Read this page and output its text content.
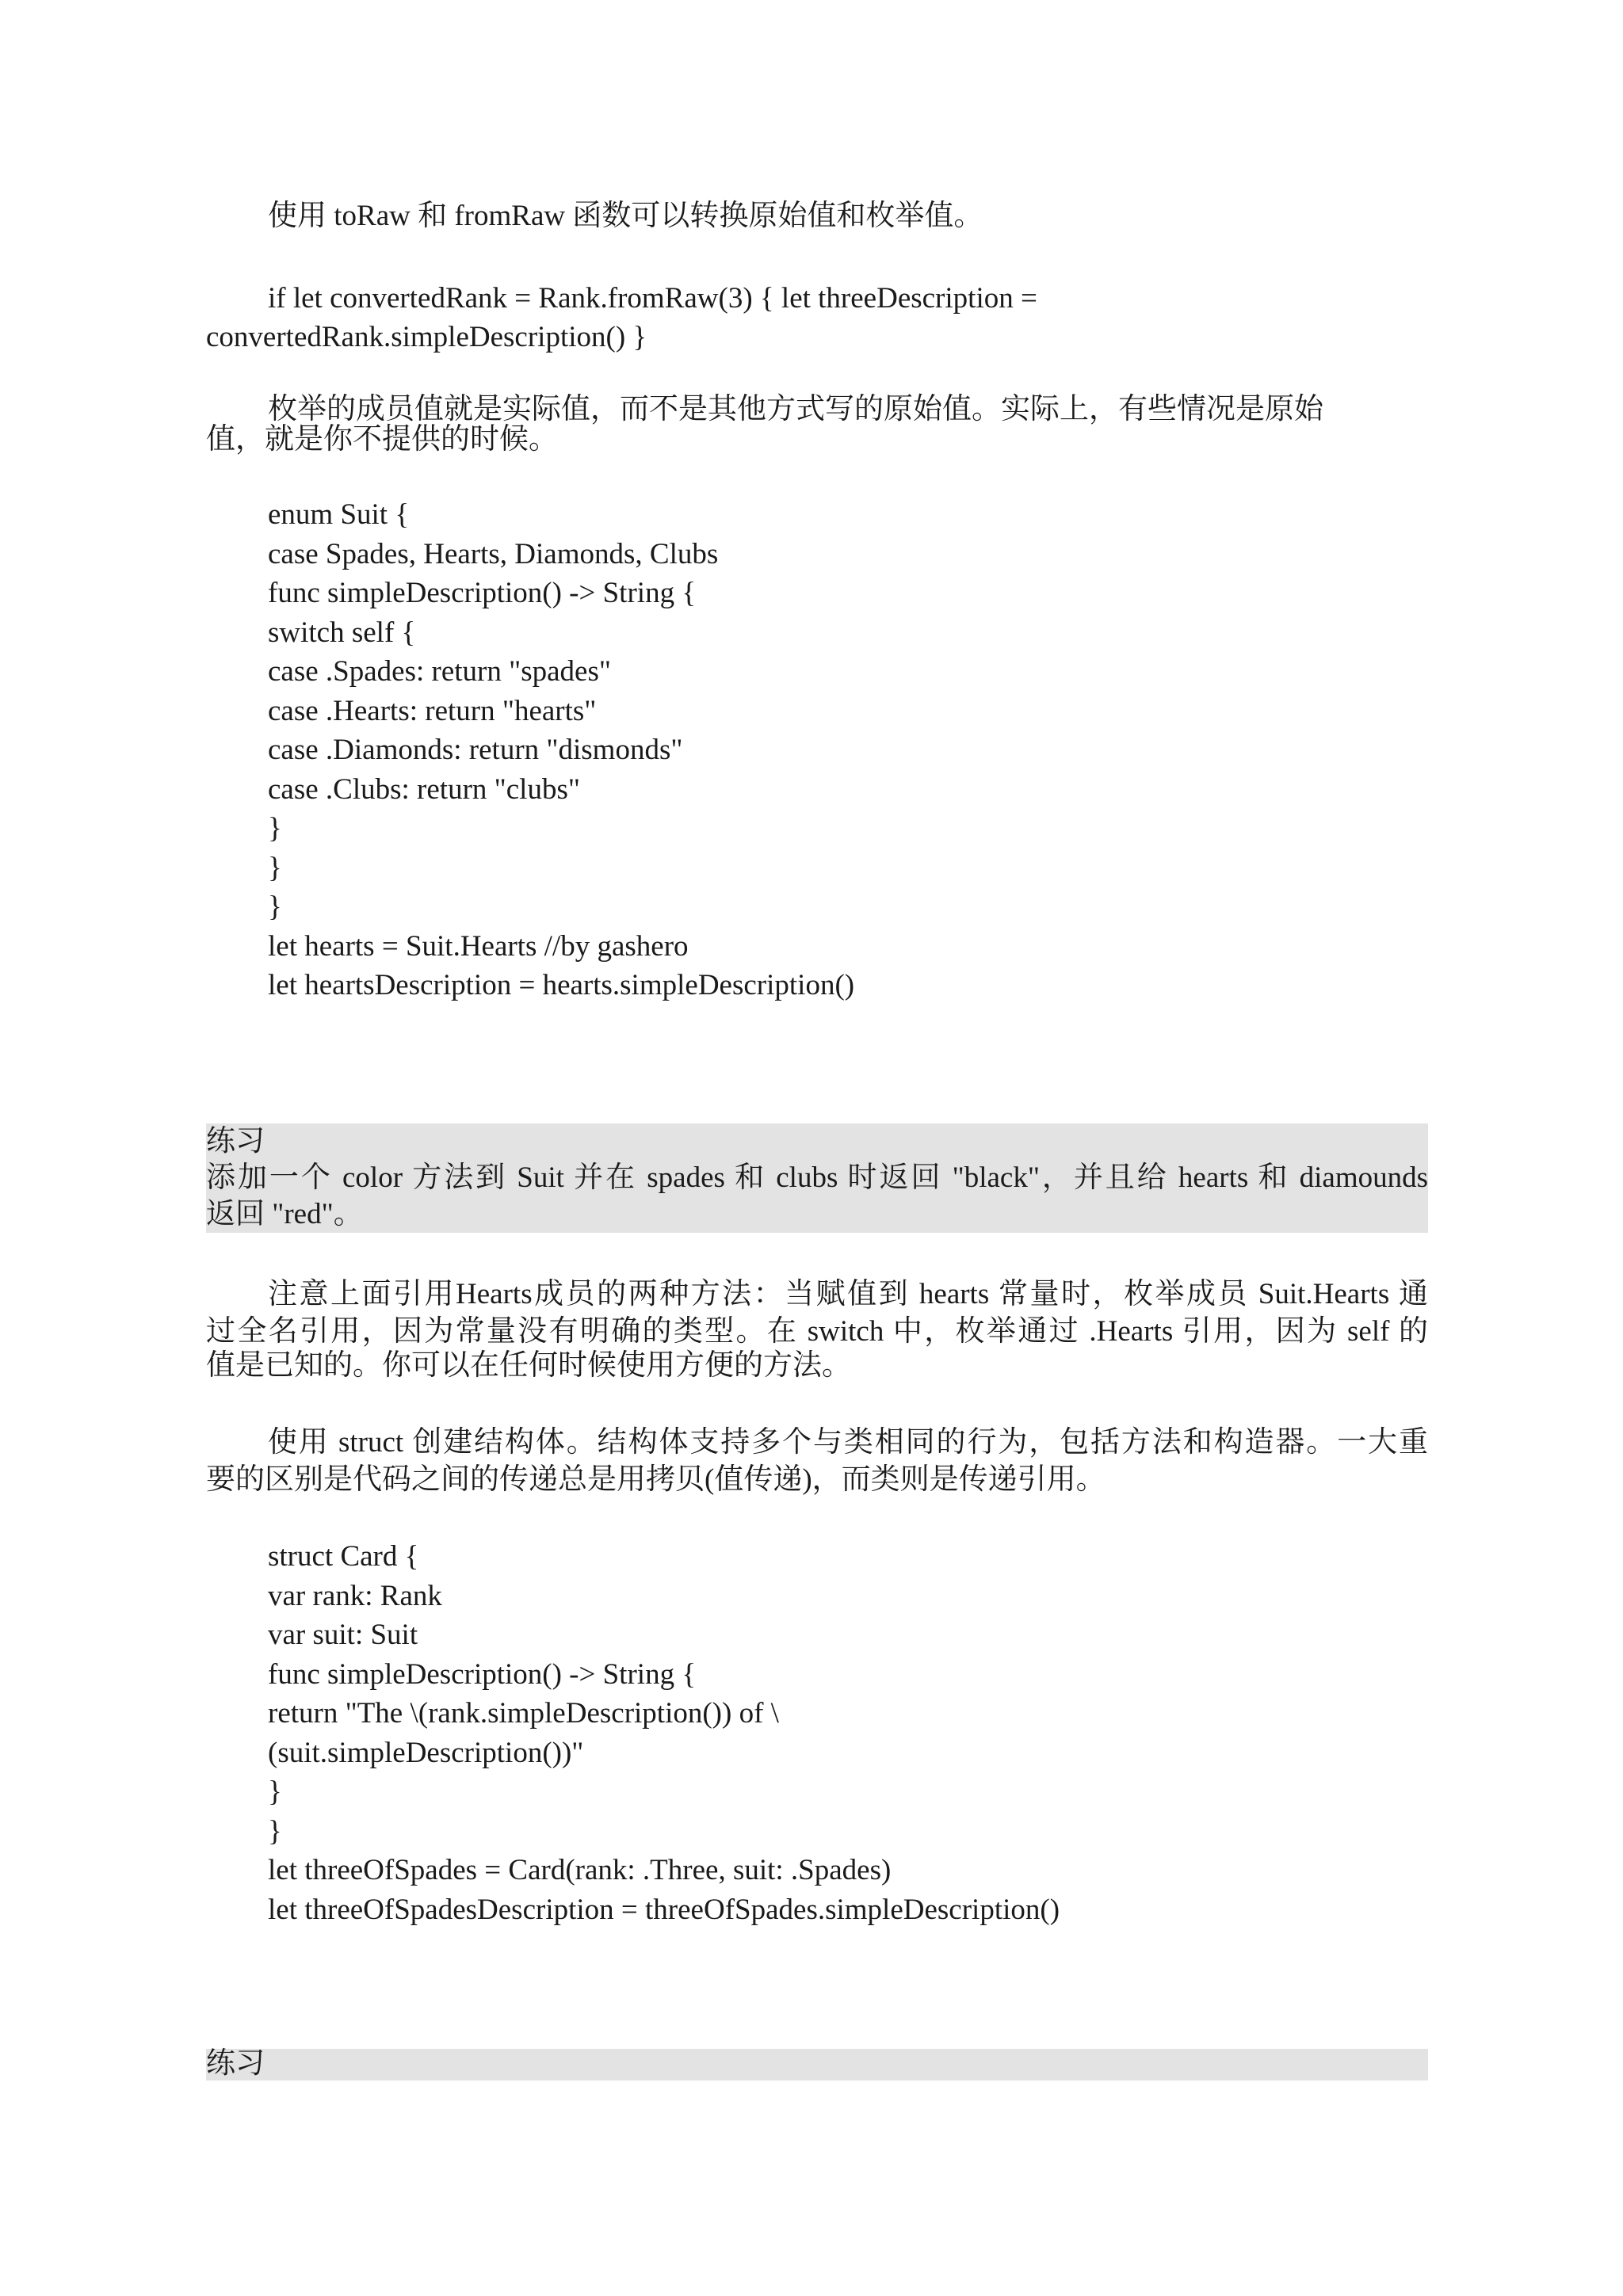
使用 toRaw 和 fromRaw 函数可以转换原始值和枚举值。
if let convertedRank = Rank.fromRaw(3) { let threeDescription =
convertedRank.simpleDescription() }
枚举的成员值就是实际值，而不是其他方式写的原始值。实际上，有些情况是原始
值，就是你不提供的时候。
enum Suit {
case Spades, Hearts, Diamonds, Clubs
func simpleDescription() -> String {
switch self {
case .Spades: return "spades"
case .Hearts: return "hearts"
case .Diamonds: return "dismonds"
case .Clubs: return "clubs"
}
}
}
let hearts = Suit.Hearts //by gashero
let heartsDescription = hearts.simpleDescription()
练习
添加一个 color 方法到 Suit 并在 spades 和 clubs 时返回 "black"，并且给 hearts 和 diamounds
返回 "red"。
注意上面引用Hearts成员的两种方法：当赋值到 hearts 常量时，枚举成员 Suit.Hearts 通
过全名引用，因为常量没有明确的类型。在 switch 中，枚举通过 .Hearts 引用，因为 self 的
值是已知的。你可以在任何时候使用方便的方法。
使用 struct 创建结构体。结构体支持多个与类相同的行为，包括方法和构造器。一大重
要的区别是代码之间的传递总是用拷贝(值传递)，而类则是传递引用。
struct Card {
var rank: Rank
var suit: Suit
func simpleDescription() -> String {
return "The \(rank.simpleDescription()) of \
(suit.simpleDescription())"
}
}
let threeOfSpades = Card(rank: .Three, suit: .Spades)
let threeOfSpadesDescription = threeOfSpades.simpleDescription()
练习
